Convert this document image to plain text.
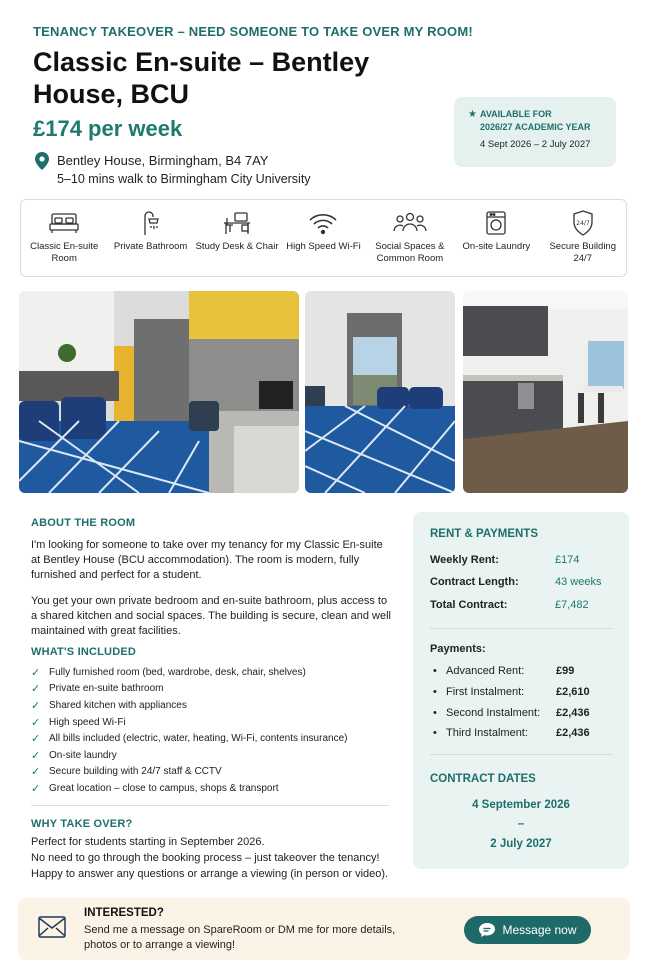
TENANCY TAKEOVER – NEED SOMEONE TO TAKE OVER MY ROOM!
Classic En-suite – Bentley House, BCU
£174 per week
Bentley House, Birmingham, B4 7AY
5–10 mins walk to Birmingham City University
★ AVAILABLE FOR
2026/27 ACADEMIC YEAR
4 Sept 2026 – 2 July 2027
Classic En-suite Room
Private Bathroom Study Desk & Chair High Speed Wi-Fi	Social Spaces & Common Room
On-site Laundry
24/7
Secure Building 24/7
ABOUT THE ROOM
I'm looking for someone to take over my tenancy for my Classic En-suite at Bentley House (BCU accommodation). The room is modern, fully furnished and perfect for a student.
You get your own private bedroom and en-suite bathroom, plus access to a shared kitchen and social spaces. The building is secure, clean and well maintained with great facilities.
WHAT'S INCLUDED
✓ Fully furnished room (bed, wardrobe, desk, chair, shelves)
✓ Private en-suite bathroom
✓ Shared kitchen with appliances
✓ High speed Wi-Fi
✓ All bills included (electric, water, heating, Wi-Fi, contents insurance)
✓ On-site laundry
✓ Secure building with 24/7 staff & CCTV
✓ Great location – close to campus, shops & transport
WHY TAKE OVER?
Perfect for students starting in September 2026.
No need to go through the booking process – just takeover the tenancy!
Happy to answer any questions or arrange a viewing (in person or video).
RENT & PAYMENTS
Weekly Rent:	£174
Contract Length:	43 weeks
Total Contract:	£7,482
Payments:
• Advanced Rent:	£99
• First Instalment:	£2,610
• Second Instalment:	£2,436
• Third Instalment:	£2,436
CONTRACT DATES
4 September 2026
–
2 July 2027
INTERESTED?
Send me a message on SpareRoom or DM me for more details, photos or to arrange a viewing!
Message now
